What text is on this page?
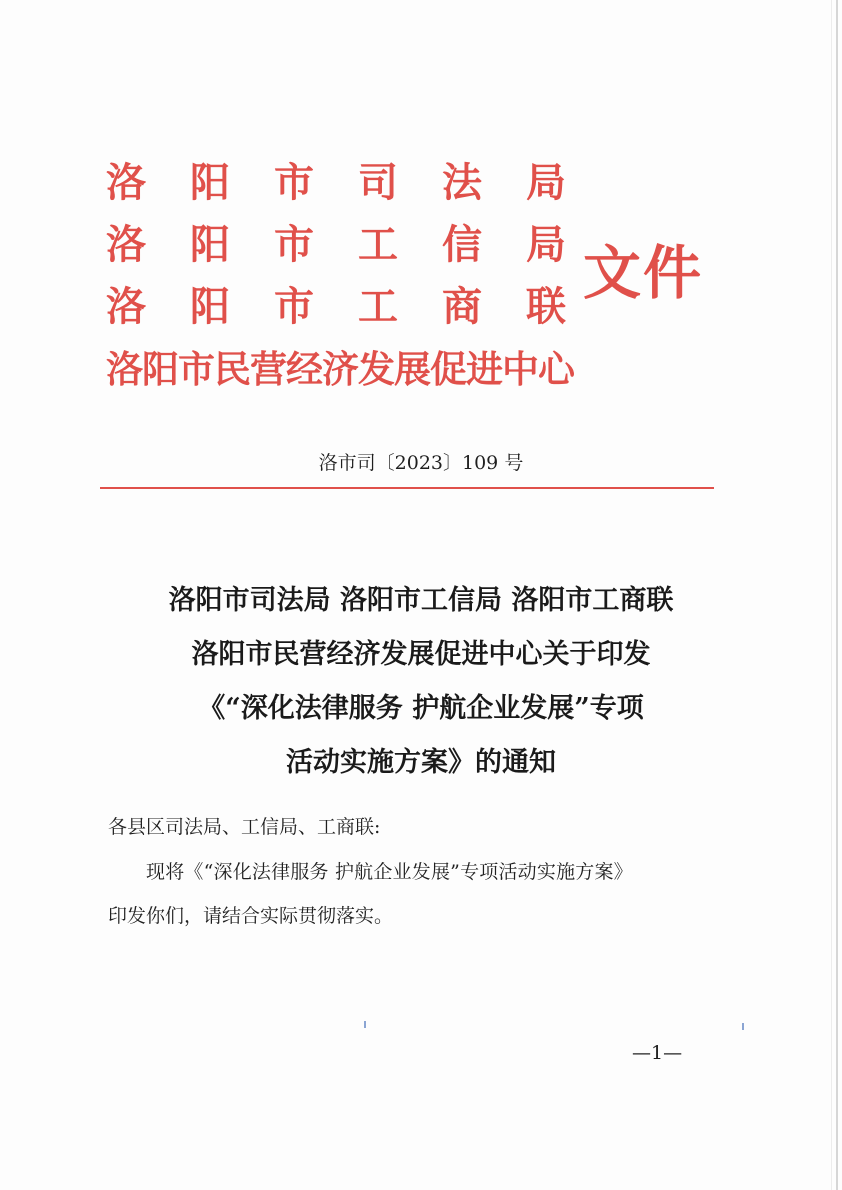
洛 阳 市 司 法 局
洛 阳 市 工 信 局
洛 阳 市 工 商 联
洛阳市民营经济发展促进中心
文件
洛市司〔2023〕109 号
洛阳市司法局 洛阳市工信局 洛阳市工商联
洛阳市民营经济发展促进中心关于印发
《“深化法律服务 护航企业发展”专项
活动实施方案》的通知
各县区司法局、工信局、工商联:
现将《“深化法律服务 护航企业发展”专项活动实施方案》
印发你们，请结合实际贯彻落实。
—1—
